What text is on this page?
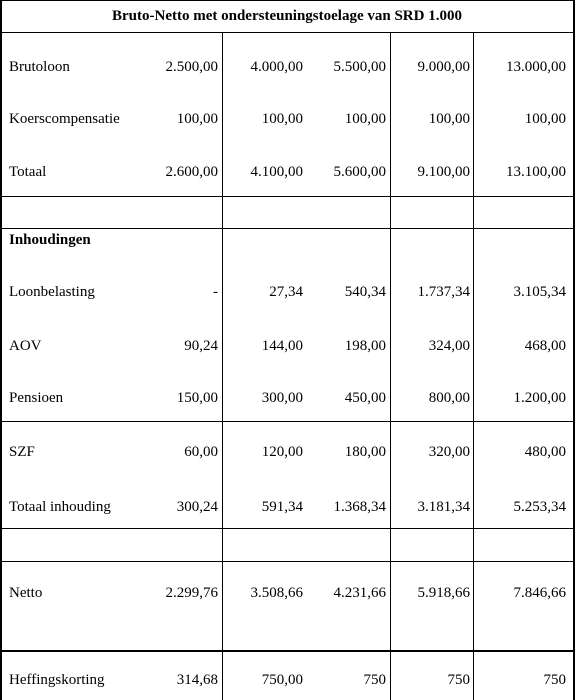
Bruto-Netto met ondersteuningstoelage van SRD 1.000
Brutoloon	2.500,00 4.000,00 5.500,00 9.000,00 13.000,00
Koerscompensatie	100,00	100,00	100,00	100,00	100,00
Totaal	2.600,00 4.100,00 5.600,00 9.100,00 13.100,00
Inhoudingen
Loonbelasting	-	27,34	540,34 1.737,34	3.105,34
AOV	90,24	144,00	198,00	324,00	468,00
Pensioen	150,00	300,00	450,00	800,00	1.200,00
SZF	60,00	120,00	180,00	320,00	480,00
Totaal inhouding	300,24	591,34 1.368,34 3.181,34	5.253,34
Netto	2.299,76 3.508,66 4.231,66 5.918,66	7.846,66
Heffingskorting	314,68	750,00	750	750	750
